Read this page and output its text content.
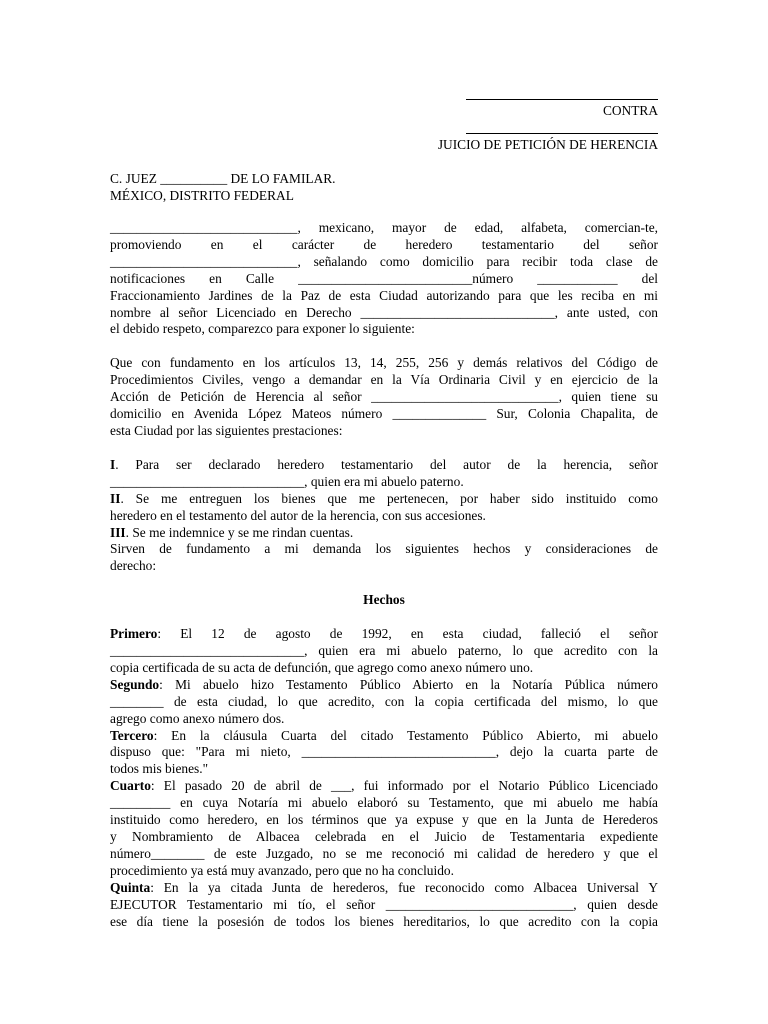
CONTRA
JUICIO DE PETICIÓN DE HERENCIA
C. JUEZ __________ DE LO FAMILAR.
MÉXICO, DISTRITO FEDERAL

____________________________, mexicano, mayor de edad, alfabeta, comercian-te,

promoviendo en el carácter de heredero testamentario del señor

____________________________, señalando como domicilio para recibir toda clase de

notificaciones en Calle __________________________número ____________ del

Fraccionamiento Jardines de la Paz de esta Ciudad autorizando para que les reciba en mi

nombre al señor Licenciado en Derecho _____________________________, ante usted, con

el debido respeto, comparezco para exponer lo siguiente:

Que con fundamento en los artículos 13, 14, 255, 256 y demás relativos del Código de

Procedimientos Civiles, vengo a demandar en la Vía Ordinaria Civil y en ejercicio de la

Acción de Petición de Herencia al señor ____________________________, quien tiene su

domicilio en Avenida López Mateos número ______________ Sur, Colonia Chapalita, de

esta Ciudad por las siguientes prestaciones:

I. Para ser declarado heredero testamentario del autor de la herencia, señor

_____________________________, quien era mi abuelo paterno.

II. Se me entreguen los bienes que me pertenecen, por haber sido instituido como

heredero en el testamento del autor de la herencia, con sus accesiones.

III. Se me indemnice y se me rindan cuentas.

Sirven de fundamento a mi demanda los siguientes hechos y consideraciones de

derecho:

Hechos

Primero: El 12 de agosto de 1992, en esta ciudad, falleció el señor

_____________________________, quien era mi abuelo paterno, lo que acredito con la

copia certificada de su acta de defunción, que agrego como anexo número uno.

Segundo: Mi abuelo hizo Testamento Público Abierto en la Notaría Pública número

________ de esta ciudad, lo que acredito, con la copia certificada del mismo, lo que

agrego como anexo número dos.

Tercero: En la cláusula Cuarta del citado Testamento Público Abierto, mi abuelo

dispuso que: "Para mi nieto, _____________________________, dejo la cuarta parte de

todos mis bienes."

Cuarto: El pasado 20 de abril de ___, fui informado por el Notario Público Licenciado

_________ en cuya Notaría mi abuelo elaboró su Testamento, que mi abuelo me había

instituido como heredero, en los términos que ya expuse y que en la Junta de Herederos

y Nombramiento de Albacea celebrada en el Juicio de Testamentaria expediente

número________ de este Juzgado, no se me reconoció mi calidad de heredero y que el

procedimiento ya está muy avanzado, pero que no ha concluido.

Quinta: En la ya citada Junta de herederos, fue reconocido como Albacea Universal Y

EJECUTOR Testamentario mi tío, el señor ____________________________, quien desde

ese día tiene la posesión de todos los bienes hereditarios, lo que acredito con la copia
